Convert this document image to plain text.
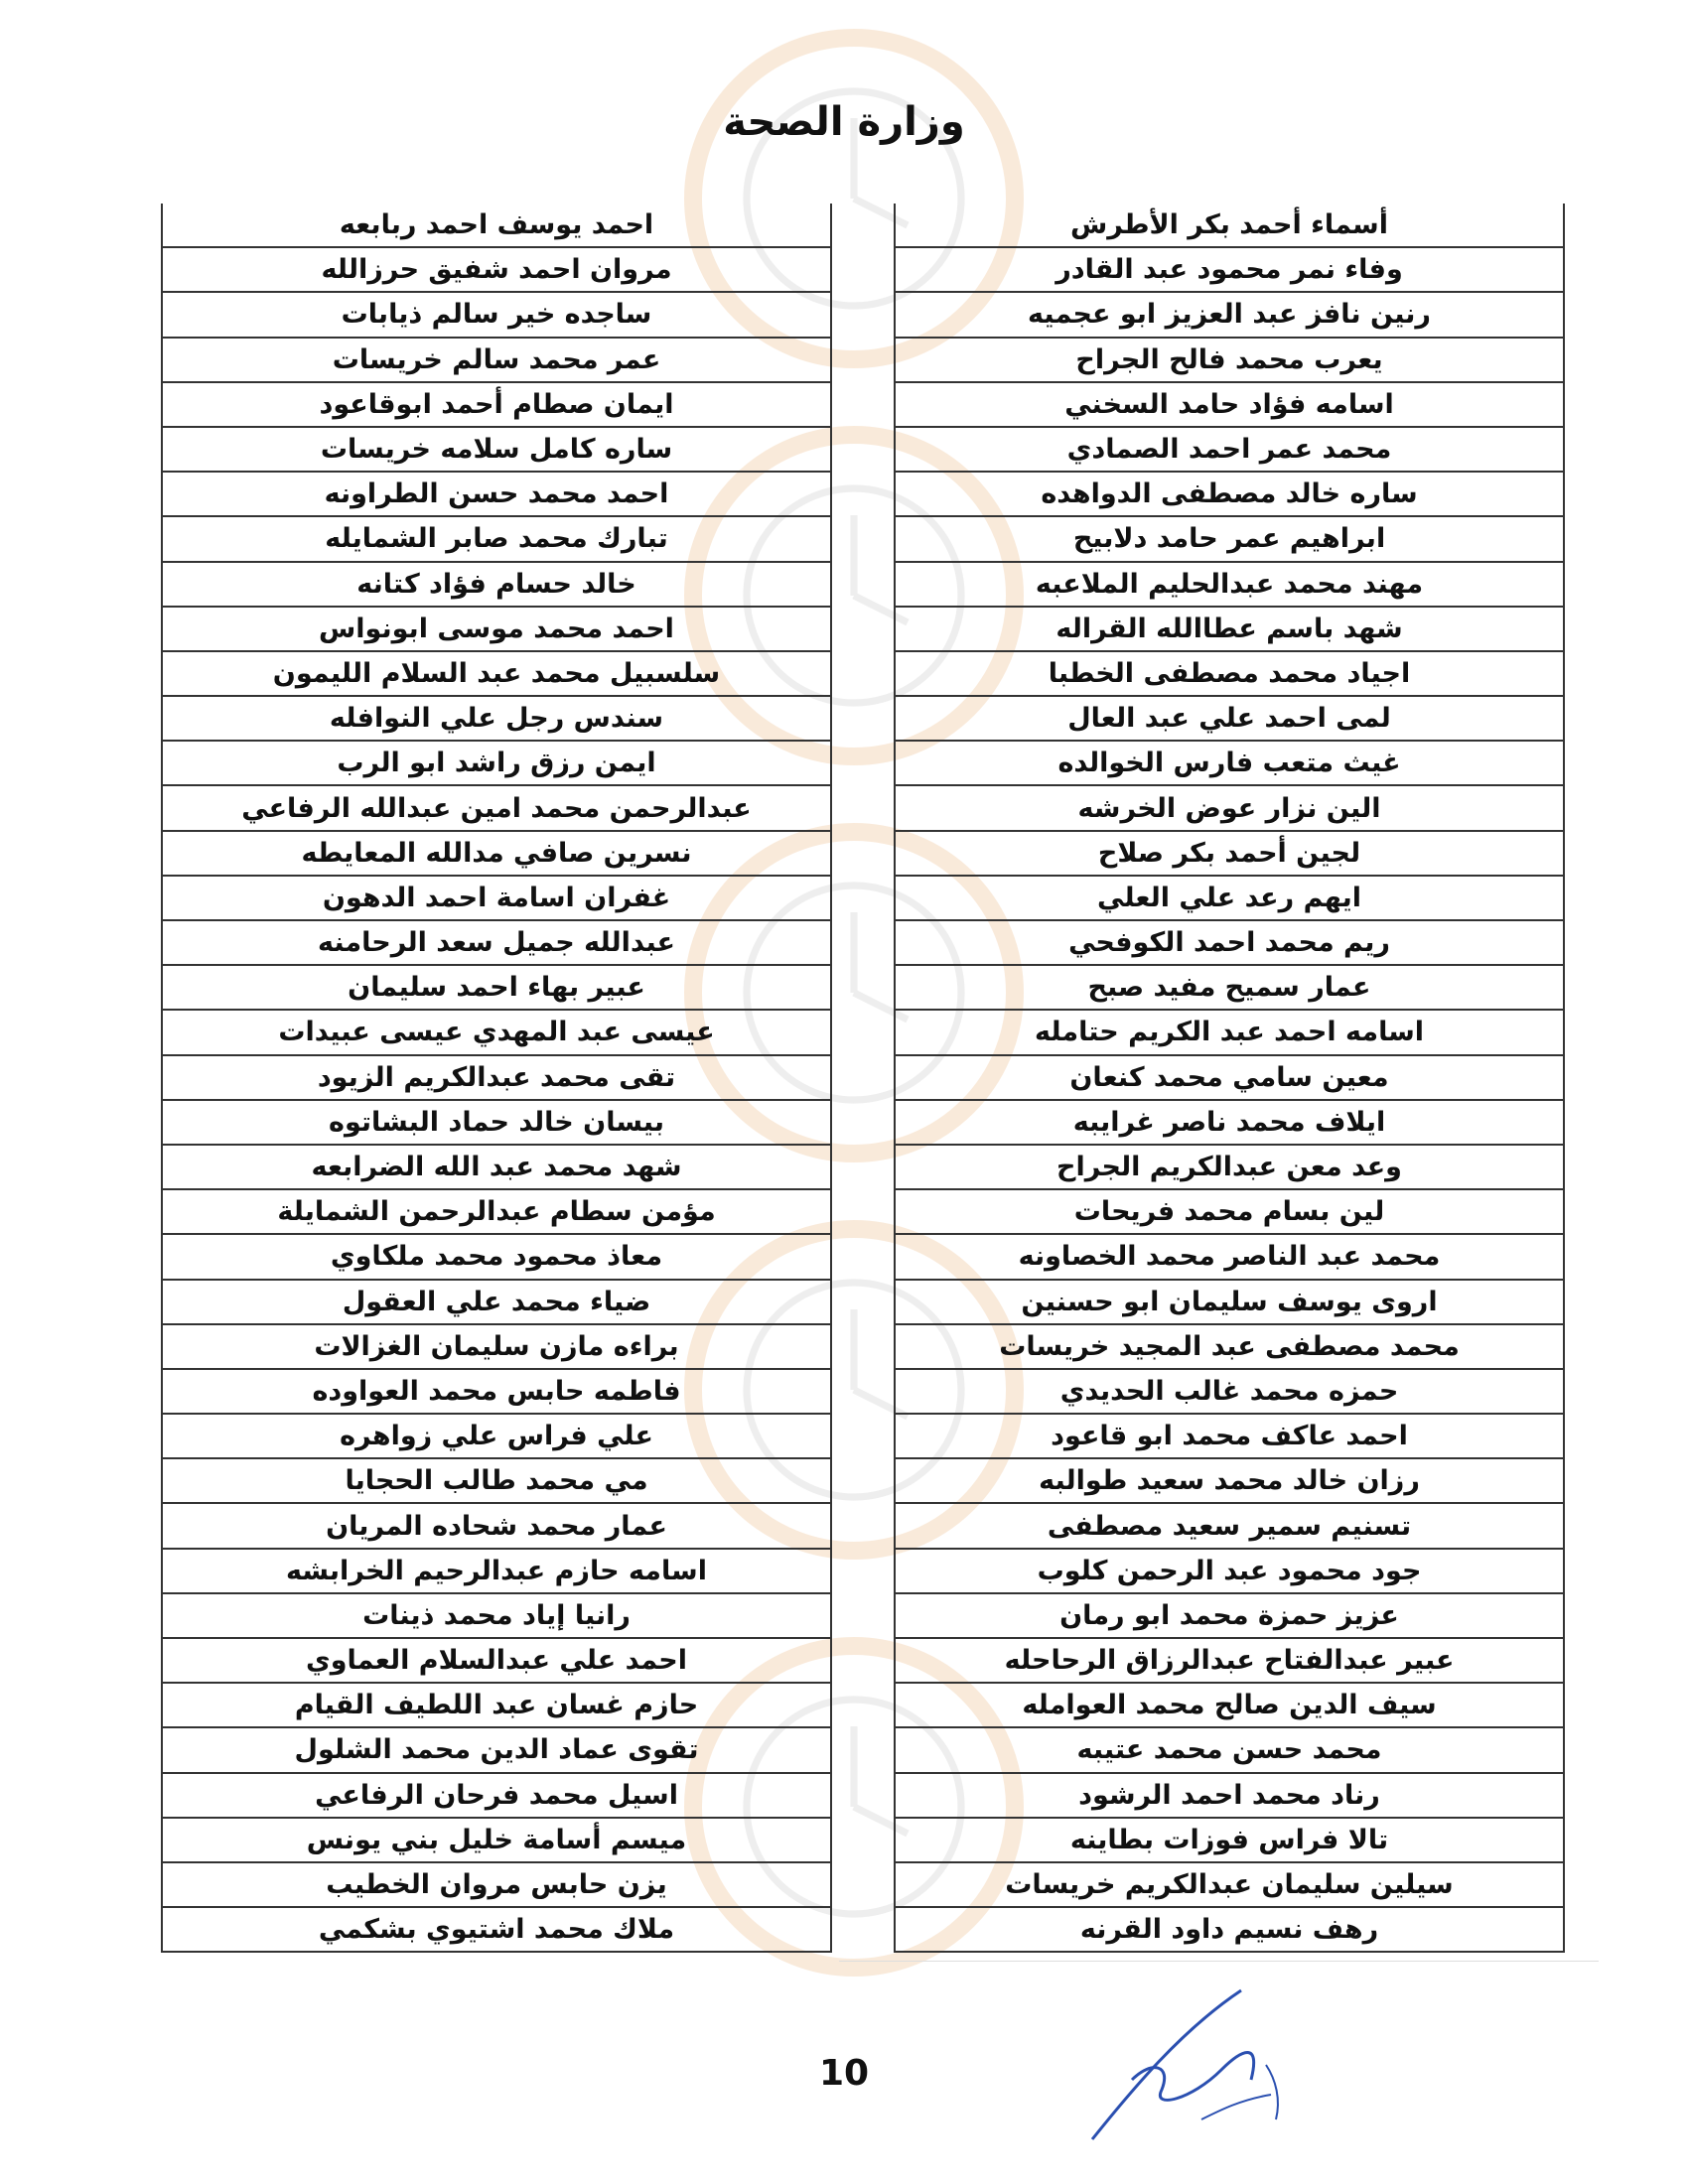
وزارة الصحة
أسماء أحمد بكر الأطرش
وفاء نمر محمود عبد القادر
رنين نافز عبد العزيز ابو عجميه
يعرب محمد فالح الجراح
اسامه فؤاد حامد السخني
محمد عمر احمد الصمادي
ساره خالد مصطفى الدواهده
ابراهيم عمر حامد دلابيح
مهند محمد عبدالحليم الملاعبه
شهد باسم عطاالله القراله
اجياد محمد مصطفى الخطبا
لمى احمد علي عبد العال
غيث متعب فارس الخوالده
الين نزار عوض الخرشه
لجين أحمد بكر صلاح
ايهم رعد علي العلي
ريم محمد احمد الكوفحي
عمار سميح مفيد صبح
اسامه احمد عبد الكريم حتامله
معين سامي محمد كنعان
ايلاف محمد ناصر غرايبه
وعد معن عبدالكريم الجراح
لين بسام محمد فريحات
محمد عبد الناصر محمد الخصاونه
اروى يوسف سليمان ابو حسنين
محمد مصطفى عبد المجيد خريسات
حمزه محمد غالب الحديدي
احمد عاكف محمد ابو قاعود
رزان خالد محمد سعيد طوالبه
تسنيم سمير سعيد مصطفى
جود محمود عبد الرحمن كلوب
عزيز حمزة محمد ابو رمان
عبير عبدالفتاح عبدالرزاق الرحاحله
سيف الدين صالح محمد العوامله
محمد حسن محمد عتيبه
رناد محمد احمد الرشود
تالا فراس فوزات بطاينه
سيلين سليمان عبدالكريم خريسات
رهف نسيم داود القرنه
احمد يوسف احمد ربابعه
مروان احمد شفيق حرزالله
ساجده خير سالم ذيابات
عمر محمد سالم خريسات
ايمان صطام أحمد ابوقاعود
ساره كامل سلامه خريسات
احمد محمد حسن الطراونه
تبارك محمد صابر الشمايله
خالد حسام فؤاد كتانه
احمد محمد موسى ابونواس
سلسبيل محمد عبد السلام الليمون
سندس رجل علي النوافله
ايمن رزق راشد ابو الرب
عبدالرحمن محمد امين عبدالله الرفاعي
نسرين صافي مدالله المعايطه
غفران اسامة احمد الدهون
عبدالله جميل سعد الرحامنه
عبير بهاء احمد سليمان
عيسى عبد المهدي عيسى عبيدات
تقى محمد عبدالكريم الزيود
بيسان خالد حماد البشاتوه
شهد محمد عبد الله الضرابعه
مؤمن سطام عبدالرحمن الشمايلة
معاذ محمود محمد ملكاوي
ضياء محمد علي العقول
براءه مازن سليمان الغزالات
فاطمه حابس محمد العواوده
علي فراس علي زواهره
مي محمد طالب الحجايا
عمار محمد شحاده المريان
اسامه حازم عبدالرحيم الخرابشه
رانيا إياد محمد ذينات
احمد علي عبدالسلام العماوي
حازم غسان عبد اللطيف القيام
تقوى عماد الدين محمد الشلول
اسيل محمد فرحان الرفاعي
ميسم أسامة خليل بني يونس
يزن حابس مروان الخطيب
ملاك محمد اشتيوي بشكمي
10
